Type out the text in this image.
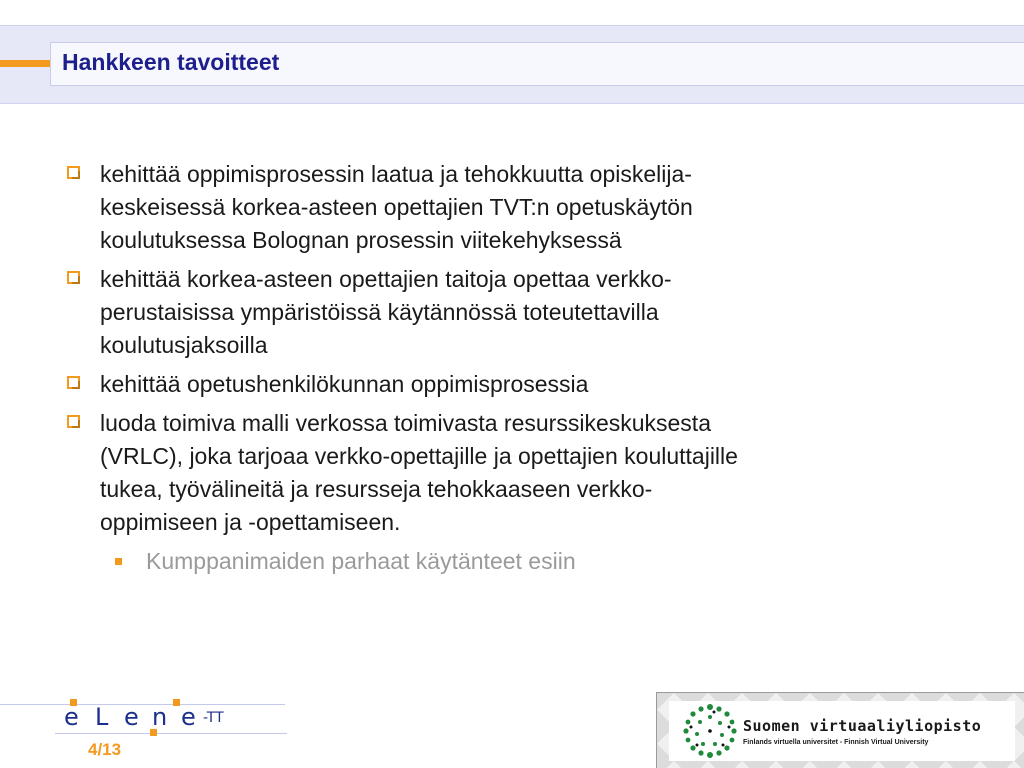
Hankkeen tavoitteet
kehittää oppimisprosessin laatua ja tehokkuutta opiskelija-
keskeisessä korkea-asteen opettajien TVT:n opetuskäytön
koulutuksessa Bolognan prosessin viitekehyksessä
kehittää korkea-asteen opettajien taitoja opettaa verkko-
perustaisissa ympäristöissä käytännössä toteutettavilla
koulutusjaksoilla
kehittää opetushenkilökunnan oppimisprosessia
luoda toimiva malli verkossa toimivasta resurssikeskuksesta
(VRLC), joka tarjoaa verkko-opettajille ja opettajien kouluttajille
tukea, työvälineitä ja resursseja tehokkaaseen verkko-
oppimiseen ja -opettamiseen.
Kumppanimaiden parhaat käytänteet esiin
e L e n e -TT
4/13
Suomen virtuaaliyliopisto
Finlands virtuella universitet - Finnish Virtual University
